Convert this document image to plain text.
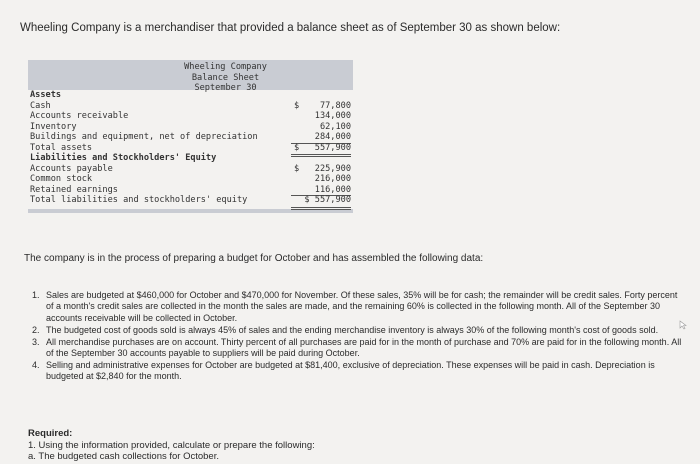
Wheeling Company is a merchandiser that provided a balance sheet as of September 30 as shown below:
Wheeling Company
Balance Sheet
September 30
Assets
Cash	$	77,800
Accounts receivable	134,000
Inventory	62,100
Buildings and equipment, net of depreciation	284,000
Total assets	$	557,900
Liabilities and Stockholders' Equity
Accounts payable	$	225,900
Common stock	216,000
Retained earnings	116,000
Total liabilities and stockholders' equity	$ 557,900
The company is in the process of preparing a budget for October and has assembled the following data:
1. Sales are budgeted at $460,000 for October and $470,000 for November. Of these sales, 35% will be for cash; the remainder will be credit sales. Forty percent of a month's credit sales are collected in the month the sales are made, and the remaining 60% is collected in the following month. All of the September 30 accounts receivable will be collected in October.
2. The budgeted cost of goods sold is always 45% of sales and the ending merchandise inventory is always 30% of the following month's cost of goods sold.
3. All merchandise purchases are on account. Thirty percent of all purchases are paid for in the month of purchase and 70% are paid for in the following month. All of the September 30 accounts payable to suppliers will be paid during October.
4. Selling and administrative expenses for October are budgeted at $81,400, exclusive of depreciation. These expenses will be paid in cash. Depreciation is budgeted at $2,840 for the month.
Required:
1. Using the information provided, calculate or prepare the following:
a. The budgeted cash collections for October.
